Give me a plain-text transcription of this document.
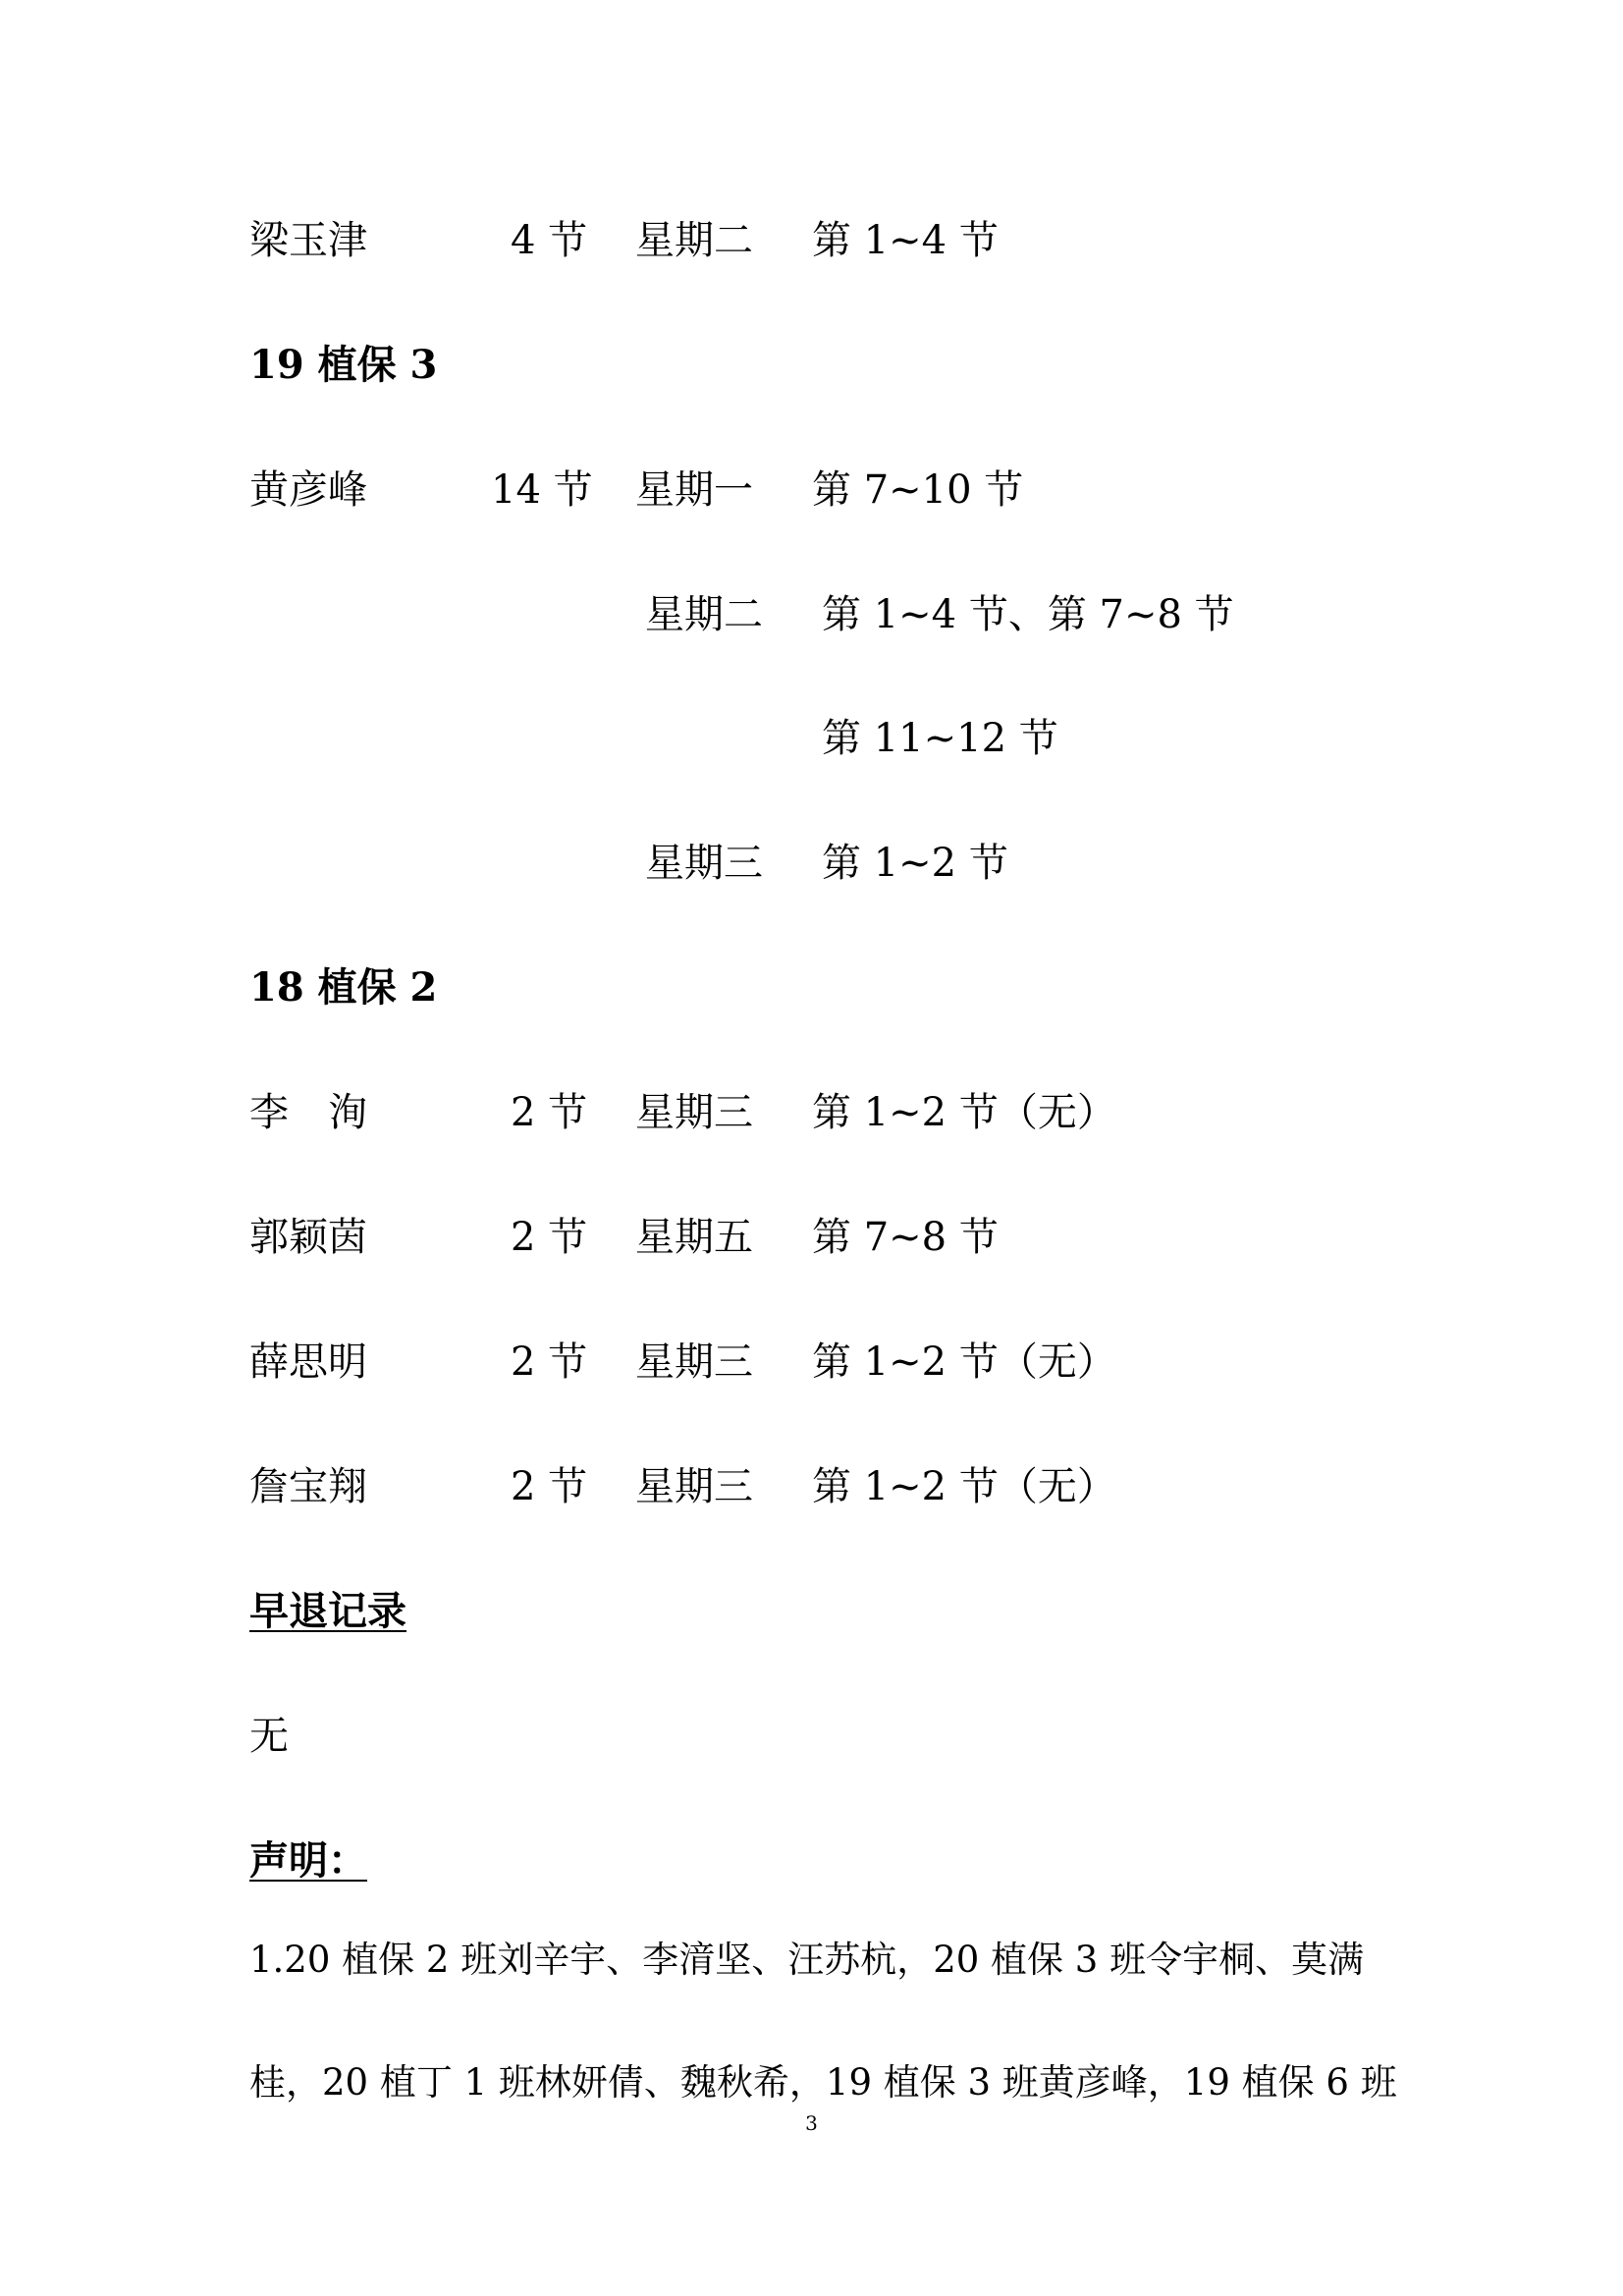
梁玉津	4 节 星期二 第 1~4 节
19 植保 3
黄彦峰	14 节 星期一 第 7~10 节
星期二 第 1~4 节、第 7~8 节
第 11~12 节
星期三 第 1~2 节
18 植保 2
李　洵	2 节 星期三 第 1~2 节（无）
郭颖茵	2 节 星期五 第 7~8 节
薛思明	2 节 星期三 第 1~2 节（无）
詹宝翔	2 节 星期三 第 1~2 节（无）
早退记录
无
声明：
1.20 植保 2 班刘辛宇、李湇坚、汪苏杭，20 植保 3 班令宇桐、莫满
桂，20 植丁 1 班林妍倩、魏秋希，19 植保 3 班黄彦峰，19 植保 6 班
3
